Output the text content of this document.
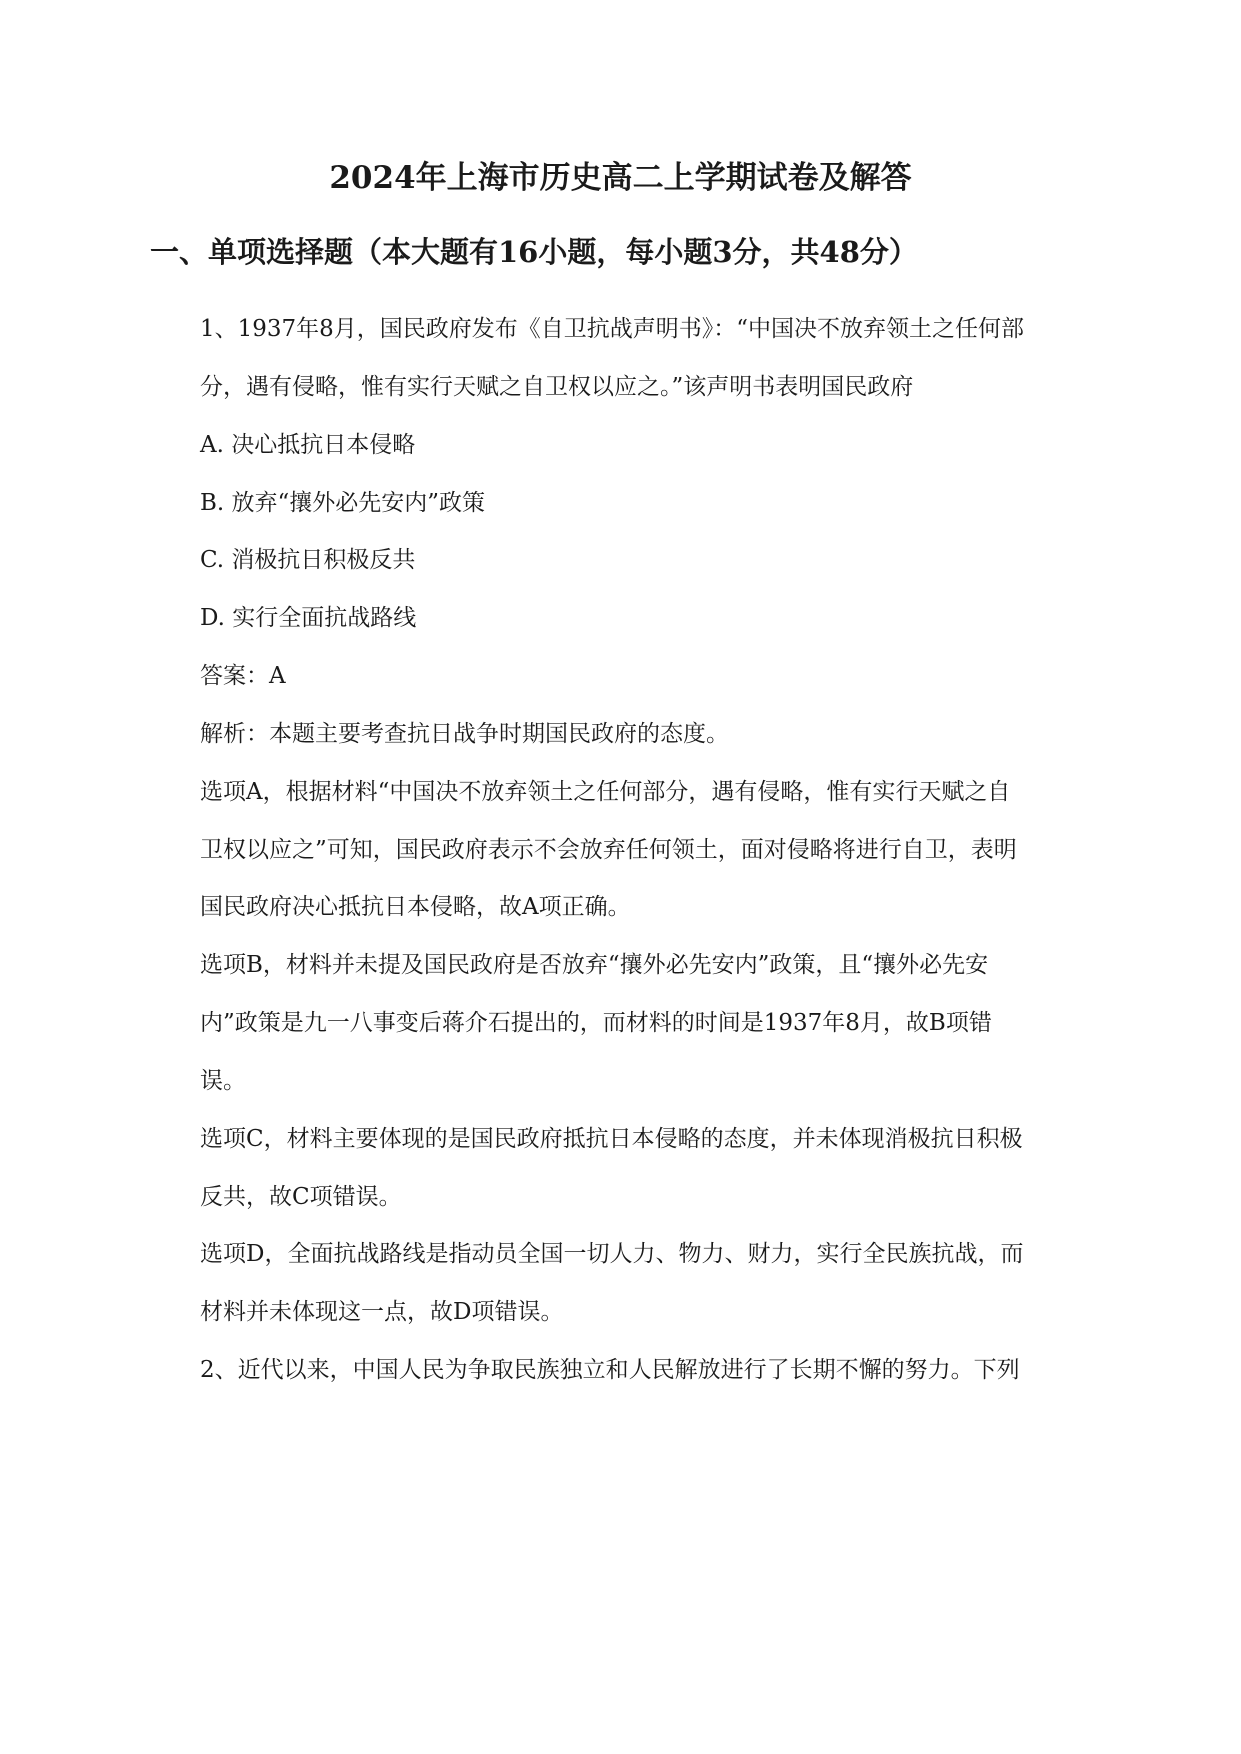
2024年上海市历史高二上学期试卷及解答
一、单项选择题（本大题有16小题，每小题3分，共48分）
1、1937年8月，国民政府发布《自卫抗战声明书》：“中国决不放弃领土之任何部
分，遇有侵略，惟有实行天赋之自卫权以应之。”该声明书表明国民政府
A. 决心抵抗日本侵略
B. 放弃“攘外必先安内”政策
C. 消极抗日积极反共
D. 实行全面抗战路线
答案：A
解析：本题主要考查抗日战争时期国民政府的态度。
选项A，根据材料“中国决不放弃领土之任何部分，遇有侵略，惟有实行天赋之自
卫权以应之”可知，国民政府表示不会放弃任何领土，面对侵略将进行自卫，表明
国民政府决心抵抗日本侵略，故A项正确。
选项B，材料并未提及国民政府是否放弃“攘外必先安内”政策，且“攘外必先安
内”政策是九一八事变后蒋介石提出的，而材料的时间是1937年8月，故B项错
误。
选项C，材料主要体现的是国民政府抵抗日本侵略的态度，并未体现消极抗日积极
反共，故C项错误。
选项D，全面抗战路线是指动员全国一切人力、物力、财力，实行全民族抗战，而
材料并未体现这一点，故D项错误。
2、近代以来，中国人民为争取民族独立和人民解放进行了长期不懈的努力。下列
